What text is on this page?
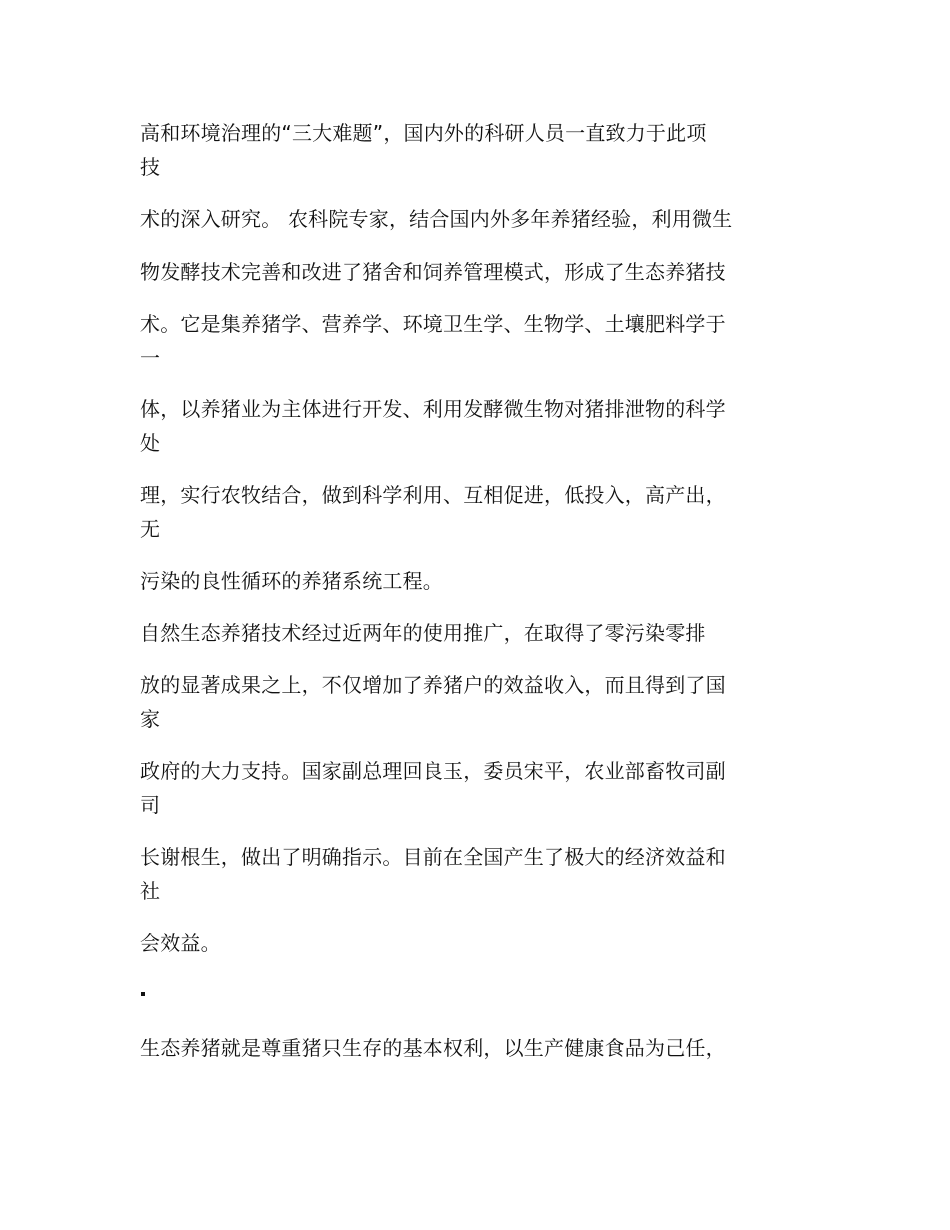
高和环境治理的“三大难题”，国内外的科研人员一直致力于此项
技
术的深入研究。 农科院专家，结合国内外多年养猪经验，利用微生
物发酵技术完善和改进了猪舍和饲养管理模式，形成了生态养猪技
术。它是集养猪学、营养学、环境卫生学、生物学、土壤肥料学于
一
体，以养猪业为主体进行开发、利用发酵微生物对猪排泄物的科学
处
理，实行农牧结合，做到科学利用、互相促进，低投入，高产出，
无
污染的良性循环的养猪系统工程。
自然生态养猪技术经过近两年的使用推广，在取得了零污染零排
放的显著成果之上，不仅增加了养猪户的效益收入，而且得到了国
家
政府的大力支持。国家副总理回良玉，委员宋平，农业部畜牧司副
司
长谢根生，做出了明确指示。目前在全国产生了极大的经济效益和
社
会效益。
生态养猪就是尊重猪只生存的基本权利，以生产健康食品为己任，
